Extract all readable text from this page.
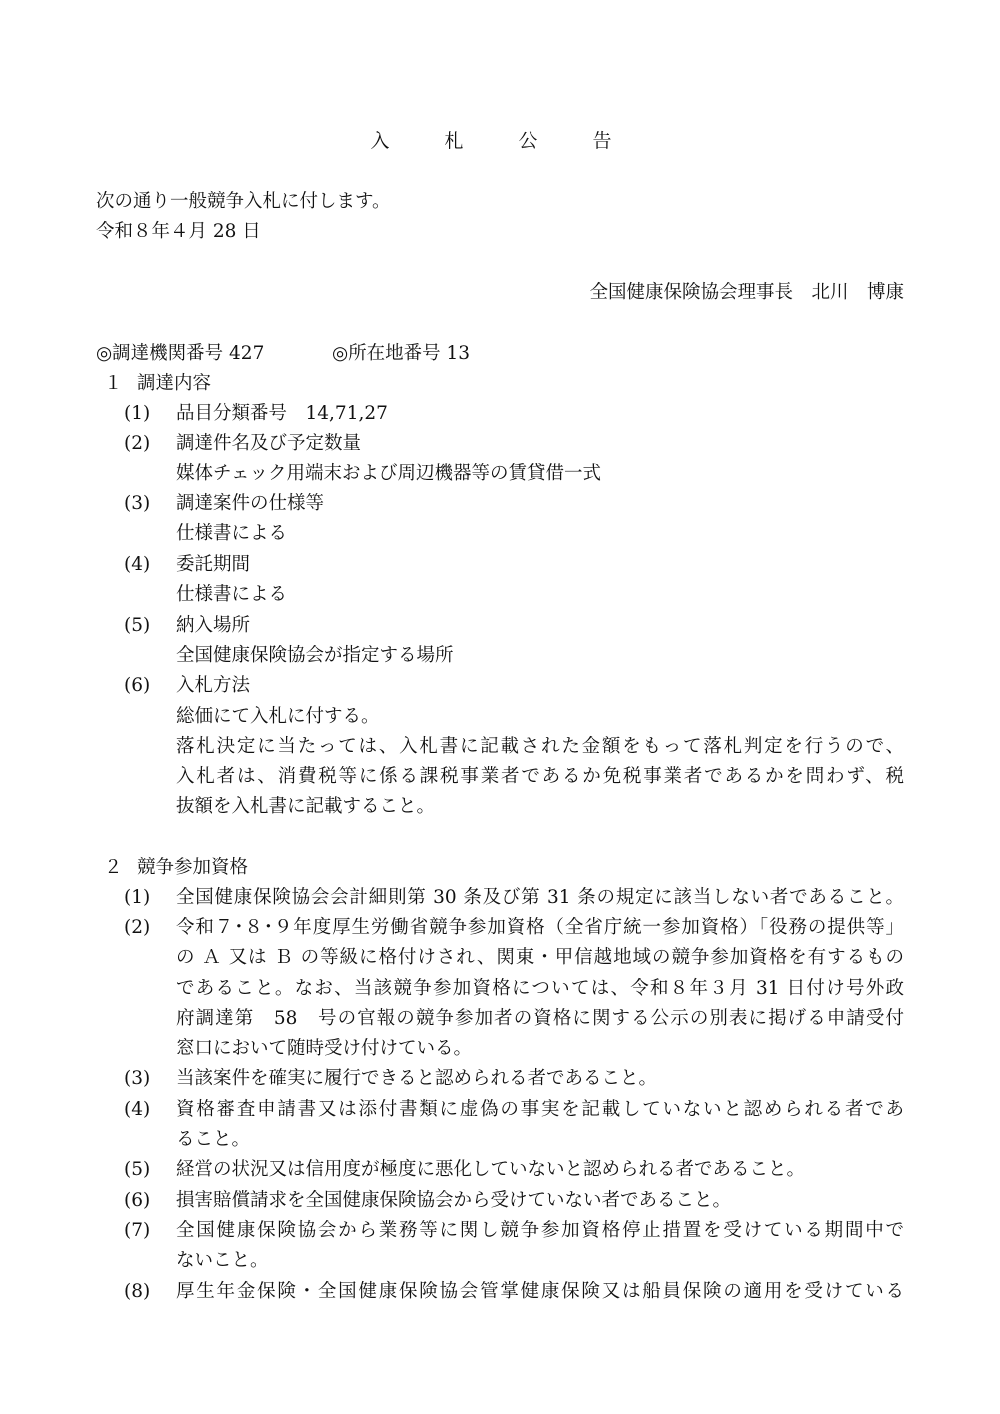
入　札　公　告
次の通り一般競争入札に付します。
令和８年４月 28 日
全国健康保険協会理事長　北川　博康
◎調達機関番号 427	◎所在地番号 13
１ 調達内容
(1) 品目分類番号　14,71,27
(2) 調達件名及び予定数量
媒体チェック用端末および周辺機器等の賃貸借一式
(3) 調達案件の仕様等
仕様書による
(4) 委託期間
仕様書による
(5) 納入場所
全国健康保険協会が指定する場所
(6) 入札方法
総価にて入札に付する。
落札決定に当たっては、入札書に記載された金額をもって落札判定を行うので、
入札者は、消費税等に係る課税事業者であるか免税事業者であるかを問わず、税
抜額を入札書に記載すること。
２ 競争参加資格
(1) 全国健康保険協会会計細則第 30 条及び第 31 条の規定に該当しない者であること。
(2) 令和７･８･９年度厚生労働省競争参加資格（全省庁統一参加資格）「役務の提供等」
の Ａ 又は Ｂ の等級に格付けされ、関東・甲信越地域の競争参加資格を有するもの
であること。なお、当該競争参加資格については、令和８年３月 31 日付け号外政
府調達第　58　号の官報の競争参加者の資格に関する公示の別表に掲げる申請受付
窓口において随時受け付けている。
(3) 当該案件を確実に履行できると認められる者であること。
(4) 資格審査申請書又は添付書類に虚偽の事実を記載していないと認められる者であ
ること。
(5) 経営の状況又は信用度が極度に悪化していないと認められる者であること。
(6) 損害賠償請求を全国健康保険協会から受けていない者であること。
(7) 全国健康保険協会から業務等に関し競争参加資格停止措置を受けている期間中で
ないこと。
(8) 厚生年金保険・全国健康保険協会管掌健康保険又は船員保険の適用を受けている
